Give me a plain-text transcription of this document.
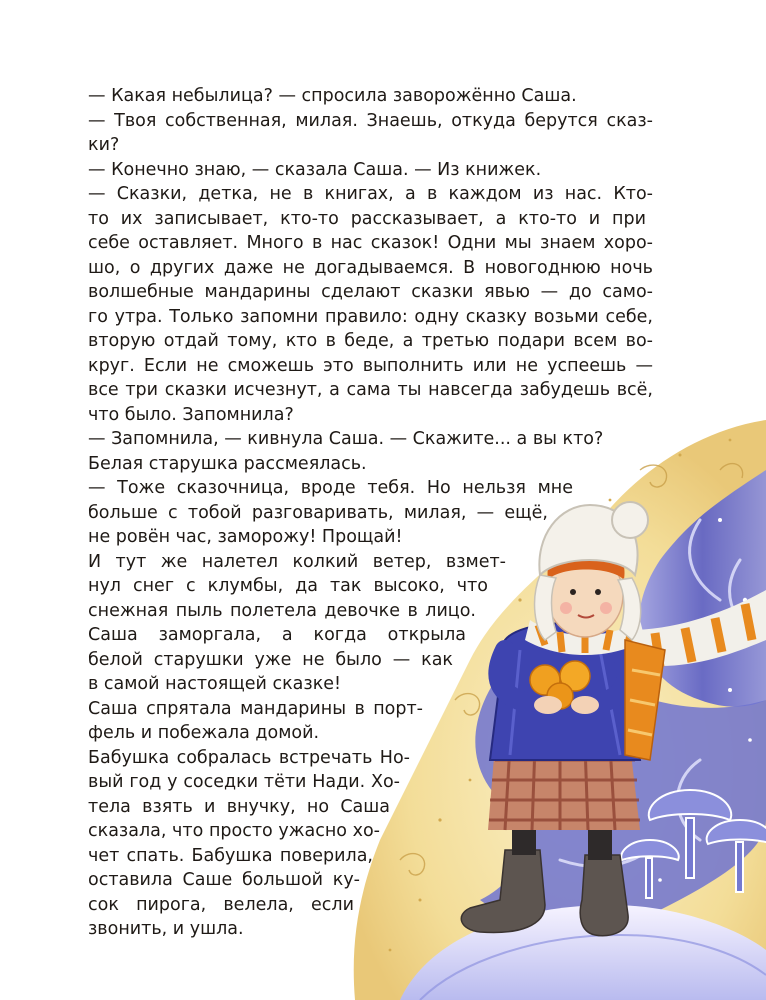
— Какая небылица? — спросила заворожённо Саша.
— Твоя собственная, милая. Знаешь, откуда берутся сказ-
ки?
— Конечно знаю, — сказала Саша. — Из книжек.
— Сказки, детка, не в книгах, а в каждом из нас. Кто-
то их записывает, кто-то рассказывает, а кто-то и при
себе оставляет. Много в нас сказок! Одни мы знаем хоро-
шо, о других даже не догадываемся. В новогоднюю ночь
волшебные мандарины сделают сказки явью — до само-
го утра. Только запомни правило: одну сказку возьми себе,
вторую отдай тому, кто в беде, а третью подари всем во-
круг. Если не сможешь это выполнить или не успеешь —
все три сказки исчезнут, а сама ты навсегда забудешь всё,
что было. Запомнила?
— Запомнила, — кивнула Саша. — Скажите... а вы кто?
Белая старушка рассмеялась.
— Тоже сказочница, вроде тебя. Но нельзя мне
больше с тобой разговаривать, милая, — ещё,
не ровён час, заморожу! Прощай!
И тут же налетел колкий ветер, взмет-
нул снег с клумбы, да так высоко, что
снежная пыль полетела девочке в лицо.
Саша заморгала, а когда открыла
белой старушки уже не было — как
в самой настоящей сказке!
Саша спрятала мандарины в порт-
фель и побежала домой.
Бабушка собралась встречать Но-
вый год у соседки тёти Нади. Хо-
тела взять и внучку, но Саша
сказала, что просто ужасно хо-
чет спать. Бабушка поверила,
оставила Саше большой ку-
сок пирога, велела, если
звонить, и ушла.
